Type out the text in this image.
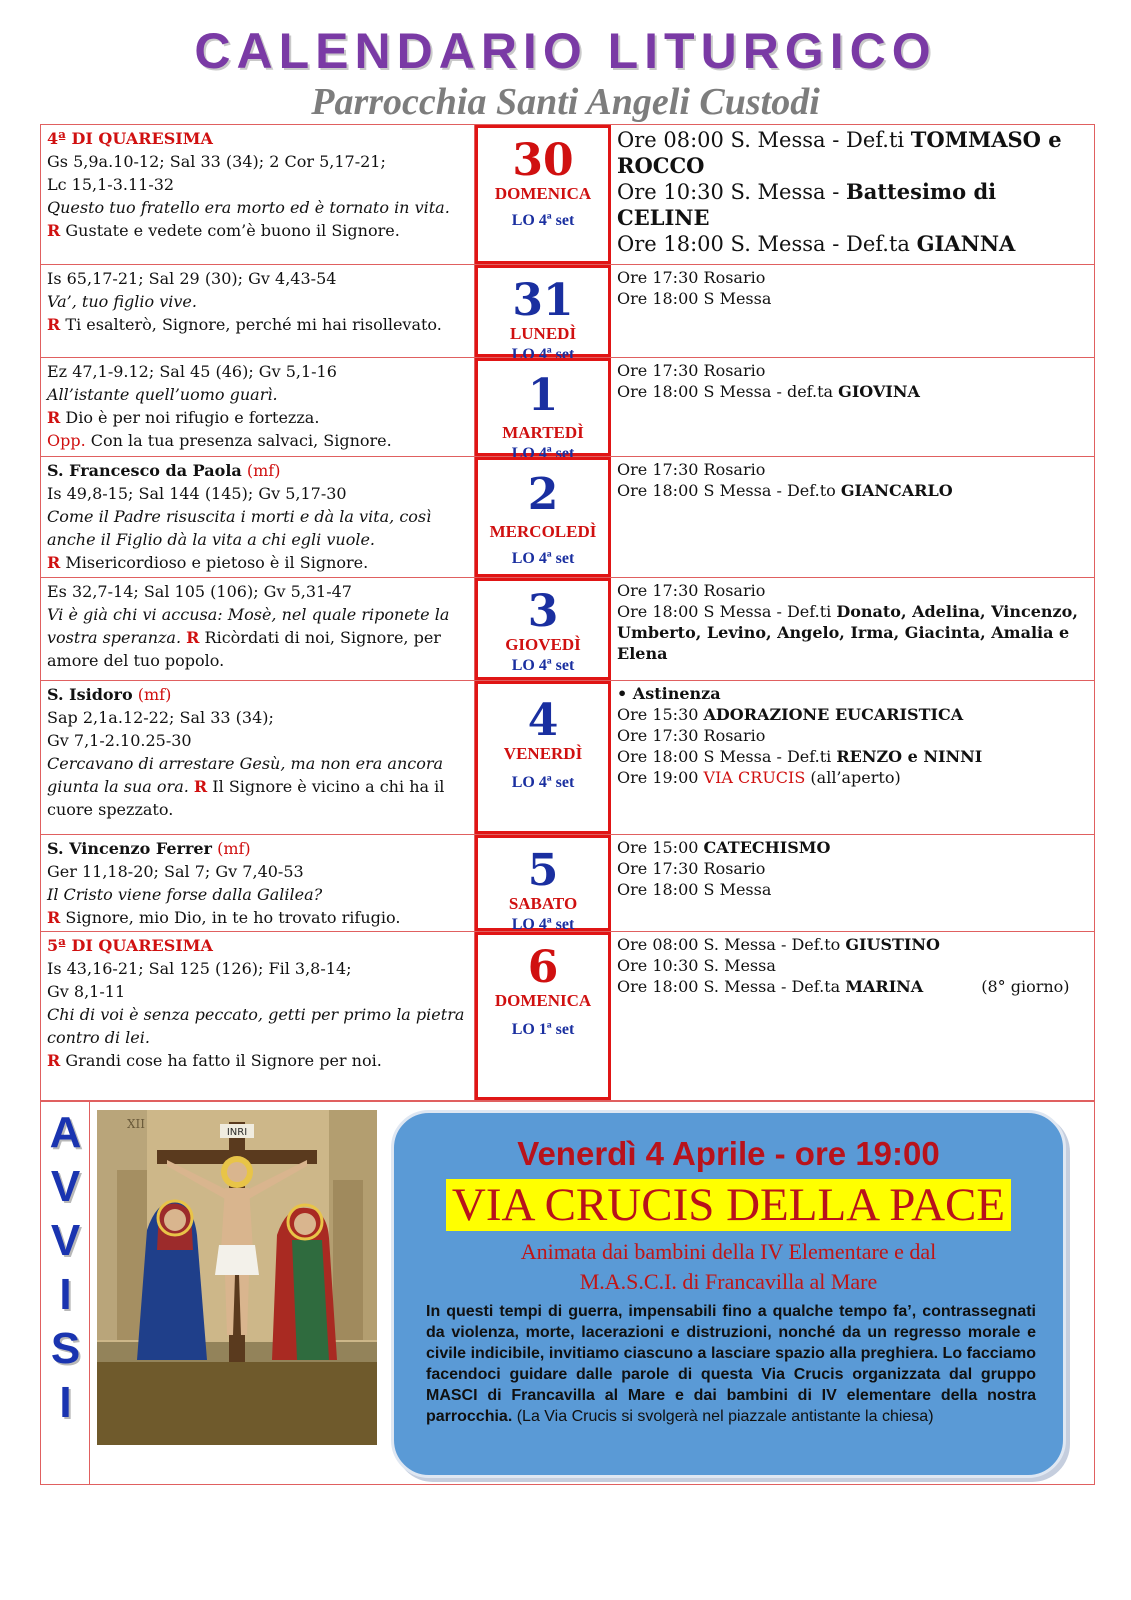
CALENDARIO LITURGICO
Parrocchia Santi Angeli Custodi
4ª DI QUARESIMA
Gs 5,9a.10-12; Sal 33 (34); 2 Cor 5,17-21;
Lc 15,1-3.11-32
Questo tuo fratello era morto ed è tornato in vita.
R Gustate e vedete com’è buono il Signore.
30
DOMENICA
LO 4ª set
Ore 08:00 S. Messa - Def.ti TOMMASO e ROCCO
Ore 10:30 S. Messa - Battesimo di CELINE
Ore 18:00 S. Messa - Def.ta GIANNA
Is 65,17-21; Sal 29 (30); Gv 4,43-54
Va’, tuo figlio vive.
R Ti esalterò, Signore, perché mi hai risollevato.	31
LUNEDÌ
LO 4ª set
Ore 17:30 Rosario
Ore 18:00 S Messa
Ez 47,1-9.12; Sal 45 (46); Gv 5,1-16
All’istante quell’uomo guarì.
R Dio è per noi rifugio e fortezza.
Opp. Con la tua presenza salvaci, Signore.
1
MARTEDÌ
LO 4ª set
Ore 17:30 Rosario
Ore 18:00 S Messa - def.ta GIOVINA
S. Francesco da Paola (mf)
Is 49,8-15; Sal 144 (145); Gv 5,17-30
Come il Padre risuscita i morti e dà la vita, così anche il Figlio dà la vita a chi egli vuole.
R Misericordioso e pietoso è il Signore.
2
MERCOLEDÌ
LO 4ª set
Ore 17:30 Rosario
Ore 18:00 S Messa - Def.to GIANCARLO
Es 32,7-14; Sal 105 (106); Gv 5,31-47
Vi è già chi vi accusa: Mosè, nel quale riponete la vostra speranza. R Ricòrdati di noi, Signore, per amore del tuo popolo.
3
GIOVEDÌ
LO 4ª set
Ore 17:30 Rosario
Ore 18:00 S Messa - Def.ti Donato, Adelina, Vincenzo, Umberto, Levino, Angelo, Irma, Giacinta, Amalia e Elena
S. Isidoro (mf)
Sap 2,1a.12-22; Sal 33 (34);
Gv 7,1-2.10.25-30
Cercavano di arrestare Gesù, ma non era ancora giunta la sua ora. R Il Signore è vicino a chi ha il cuore spezzato.
4
VENERDÌ
LO 4ª set
• Astinenza
Ore 15:30 ADORAZIONE EUCARISTICA
Ore 17:30 Rosario
Ore 18:00 S Messa - Def.ti RENZO e NINNI
Ore 19:00 VIA CRUCIS (all’aperto)
S. Vincenzo Ferrer (mf)
Ger 11,18-20; Sal 7; Gv 7,40-53
Il Cristo viene forse dalla Galilea?
R Signore, mio Dio, in te ho trovato rifugio.
5
SABATO
LO 4ª set
Ore 15:00 CATECHISMO
Ore 17:30 Rosario
Ore 18:00 S Messa
5ª DI QUARESIMA
Is 43,16-21; Sal 125 (126); Fil 3,8-14;
Gv 8,1-11
Chi di voi è senza peccato, getti per primo la pietra contro di lei.
R Grandi cose ha fatto il Signore per noi.
6
DOMENICA
LO 1ª set
Ore 08:00 S. Messa - Def.to GIUSTINO
Ore 10:30 S. Messa
Ore 18:00 S. Messa - Def.ta MARINA	(8° giorno)
A
V
V
I
S
I
INRI
XII
Venerdì 4 Aprile - ore 19:00
VIA CRUCIS DELLA PACE
Animata dai bambini della IV Elementare e dal
M.A.S.C.I. di Francavilla al Mare
In questi tempi di guerra, impensabili fino a qualche tempo fa’, contrassegnati da violenza, morte, lacerazioni e distruzioni, nonché da un regresso morale e civile indicibile, invitiamo ciascuno a lasciare spazio alla preghiera. Lo facciamo facendoci guidare dalle parole di questa Via Crucis organizzata dal gruppo MASCI di Francavilla al Mare e dai bambini di IV elementare della nostra parrocchia. (La Via Crucis si svolgerà nel piazzale antistante la chiesa)
